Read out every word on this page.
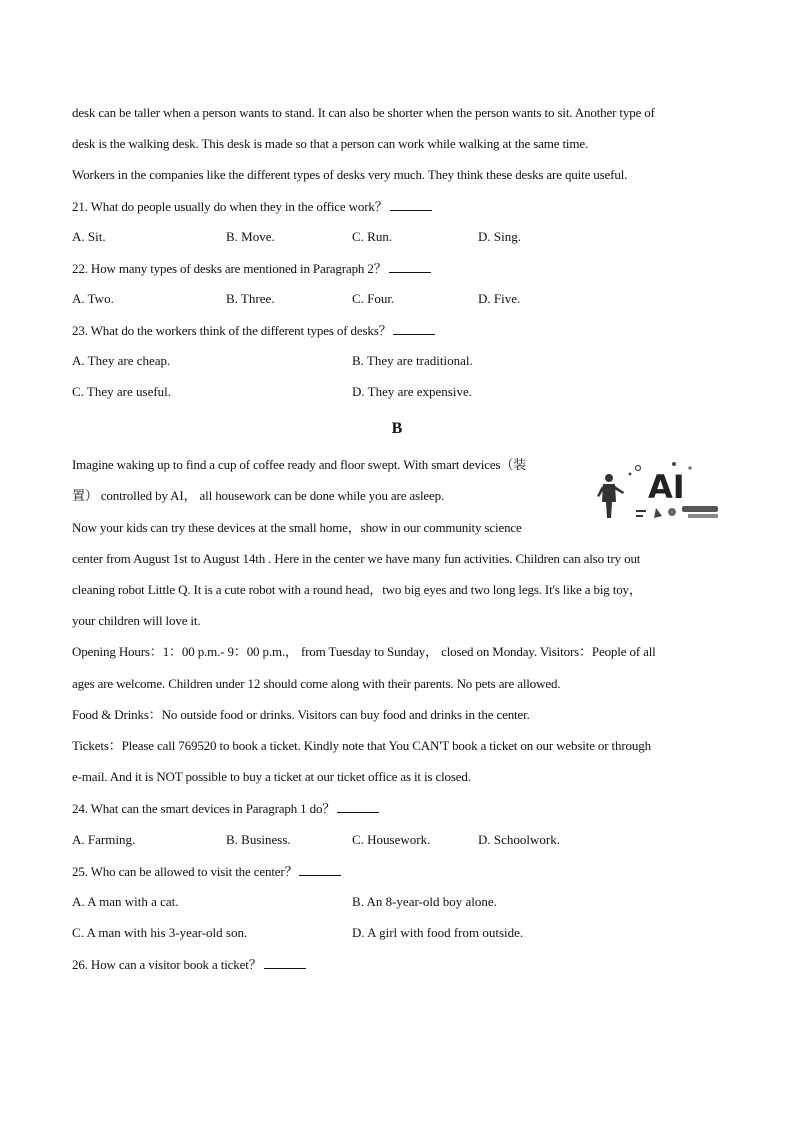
desk can be taller when a person wants to stand. It can also be shorter when the person wants to sit. Another type of
desk is the walking desk. This desk is made so that a person can work while walking at the same time.
Workers in the companies like the different types of desks very much. They think these desks are quite useful.
21. What do people usually do when they in the office work？
A. Sit.	B. Move.	C. Run.	D. Sing.
22. How many types of desks are mentioned in Paragraph 2？
A. Two.	B. Three.	C. Four.	D. Five.
23. What do the workers think of the different types of desks？
A. They are cheap.	B. They are traditional.
C. They are useful.	D. They are expensive.
B
AI
Imagine waking up to find a cup of coffee ready and floor swept. With smart devices（装
置） controlled by AI， all housework can be done while you are asleep.
Now your kids can try these devices at the small home，show in our community science
center from August 1st to August 14th . Here in the center we have many fun activities. Children can also try out
cleaning robot Little Q. It is a cute robot with a round head，two big eyes and two long legs. It's like a big toy，
your children will love it.
Opening Hours：1：00 p.m.- 9：00 p.m.， from Tuesday to Sunday， closed on Monday. Visitors：People of all
ages are welcome. Children under 12 should come along with their parents. No pets are allowed.
Food & Drinks：No outside food or drinks. Visitors can buy food and drinks in the center.
Tickets：Please call 769520 to book a ticket. Kindly note that You CAN'T book a ticket on our website or through
e-mail. And it is NOT possible to buy a ticket at our ticket office as it is closed.
24. What can the smart devices in Paragraph 1 do？
A. Farming.	B. Business.	C. Housework.	D. Schoolwork.
25. Who can be allowed to visit the center？
A. A man with a cat.	B. An 8-year-old boy alone.
C. A man with his 3-year-old son.	D. A girl with food from outside.
26. How can a visitor book a ticket？
